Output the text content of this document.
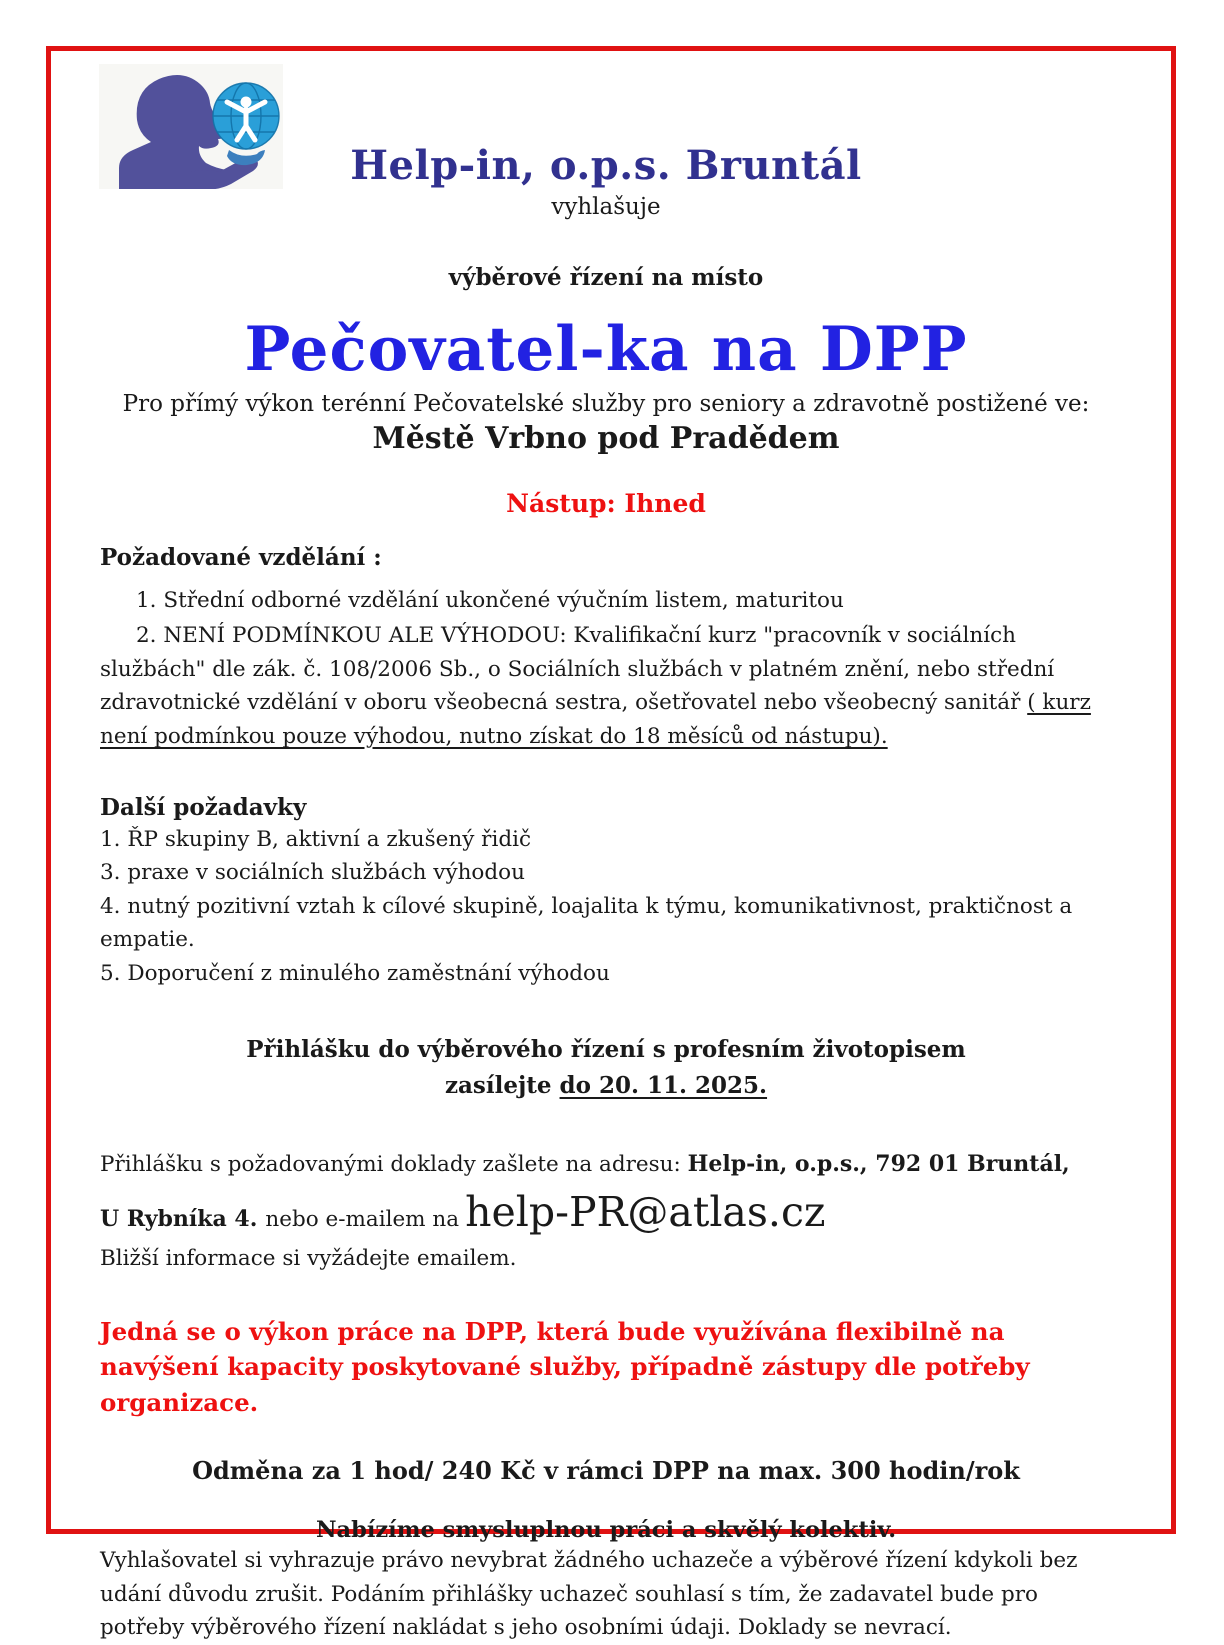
Help-in, o.p.s. Bruntál
vyhlašuje
výběrové řízení na místo
Pečovatel-ka na DPP
Pro přímý výkon terénní Pečovatelské služby pro seniory a zdravotně postižené ve:
Městě Vrbno pod Pradědem
Nástup: Ihned
Požadované vzdělání :
1. Střední odborné vzdělání ukončené výučním listem, maturitou
2. NENÍ PODMÍNKOU ALE VÝHODOU: Kvalifikační kurz "pracovník v sociálních službách" dle zák. č. 108/2006 Sb., o Sociálních službách v platném znění, nebo střední zdravotnické vzdělání v oboru všeobecná sestra, ošetřovatel nebo všeobecný sanitář ( kurz není podmínkou pouze výhodou, nutno získat do 18 měsíců od nástupu).
Další požadavky
1. ŘP skupiny B, aktivní a zkušený řidič
3. praxe v sociálních službách výhodou
4. nutný pozitivní vztah k cílové skupině, loajalita k týmu, komunikativnost, praktičnost a empatie.
5. Doporučení z minulého zaměstnání výhodou
Přihlášku do výběrového řízení s profesním životopisem
zasílejte do 20. 11. 2025.
Přihlášku s požadovanými doklady zašlete na adresu: Help-in, o.p.s., 792 01 Bruntál,
U Rybníka 4. nebo e-mailem na help-PR@atlas.cz
Bližší informace si vyžádejte emailem.
Jedná se o výkon práce na DPP, která bude využívána flexibilně na navýšení kapacity poskytované služby, případně zástupy dle potřeby organizace.
Odměna za 1 hod/ 240 Kč v rámci DPP na max. 300 hodin/rok
Nabízíme smysluplnou práci a skvělý kolektiv.
Vyhlašovatel si vyhrazuje právo nevybrat žádného uchazeče a výběrové řízení kdykoli bez udání důvodu zrušit. Podáním přihlášky uchazeč souhlasí s tím, že zadavatel bude pro potřeby výběrového řízení nakládat s jeho osobními údaji. Doklady se nevrací.
